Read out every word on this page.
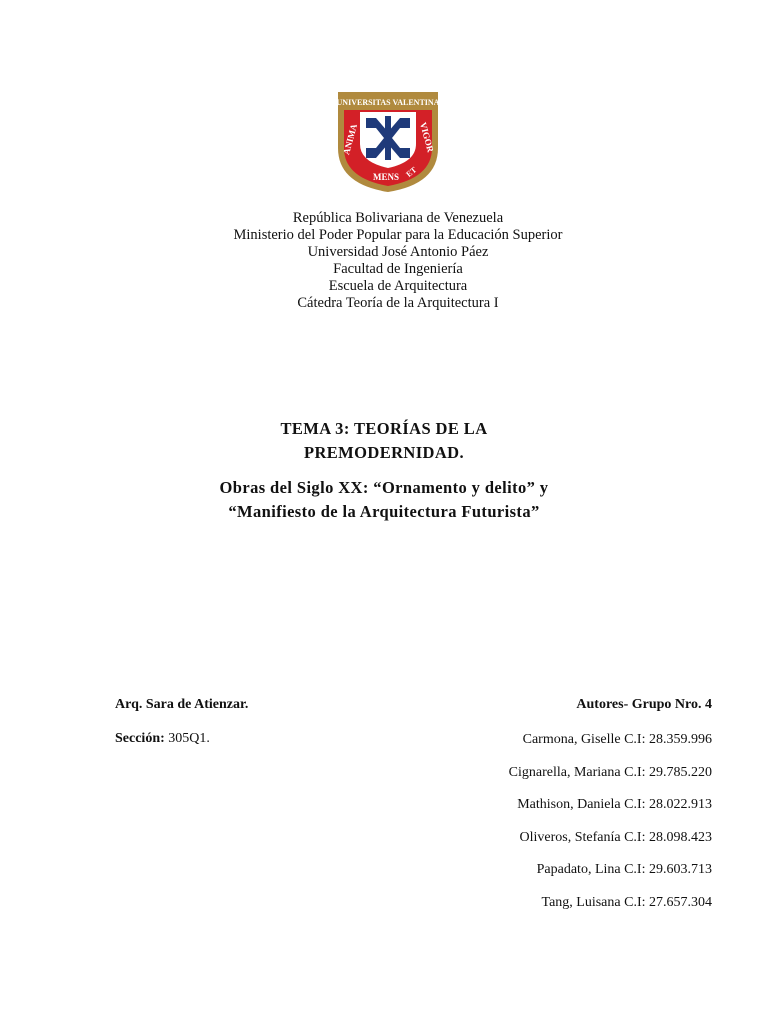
UNIVERSITAS VALENTINA
ANIMA	VIGOR
MENS ET
República Bolivariana de Venezuela
Ministerio del Poder Popular para la Educación Superior
Universidad José Antonio Páez
Facultad de Ingeniería
Escuela de Arquitectura
Cátedra Teoría de la Arquitectura I
TEMA 3: TEORÍAS DE LA
PREMODERNIDAD.
Obras del Siglo XX: “Ornamento y delito” y
“Manifiesto de la Arquitectura Futurista”
Arq. Sara de Atienzar.
Sección: 305Q1.
Autores- Grupo Nro. 4
Carmona, Giselle C.I: 28.359.996
Cignarella, Mariana C.I: 29.785.220
Mathison, Daniela C.I: 28.022.913
Oliveros, Stefanía C.I: 28.098.423
Papadato, Lina C.I: 29.603.713
Tang, Luisana C.I: 27.657.304
